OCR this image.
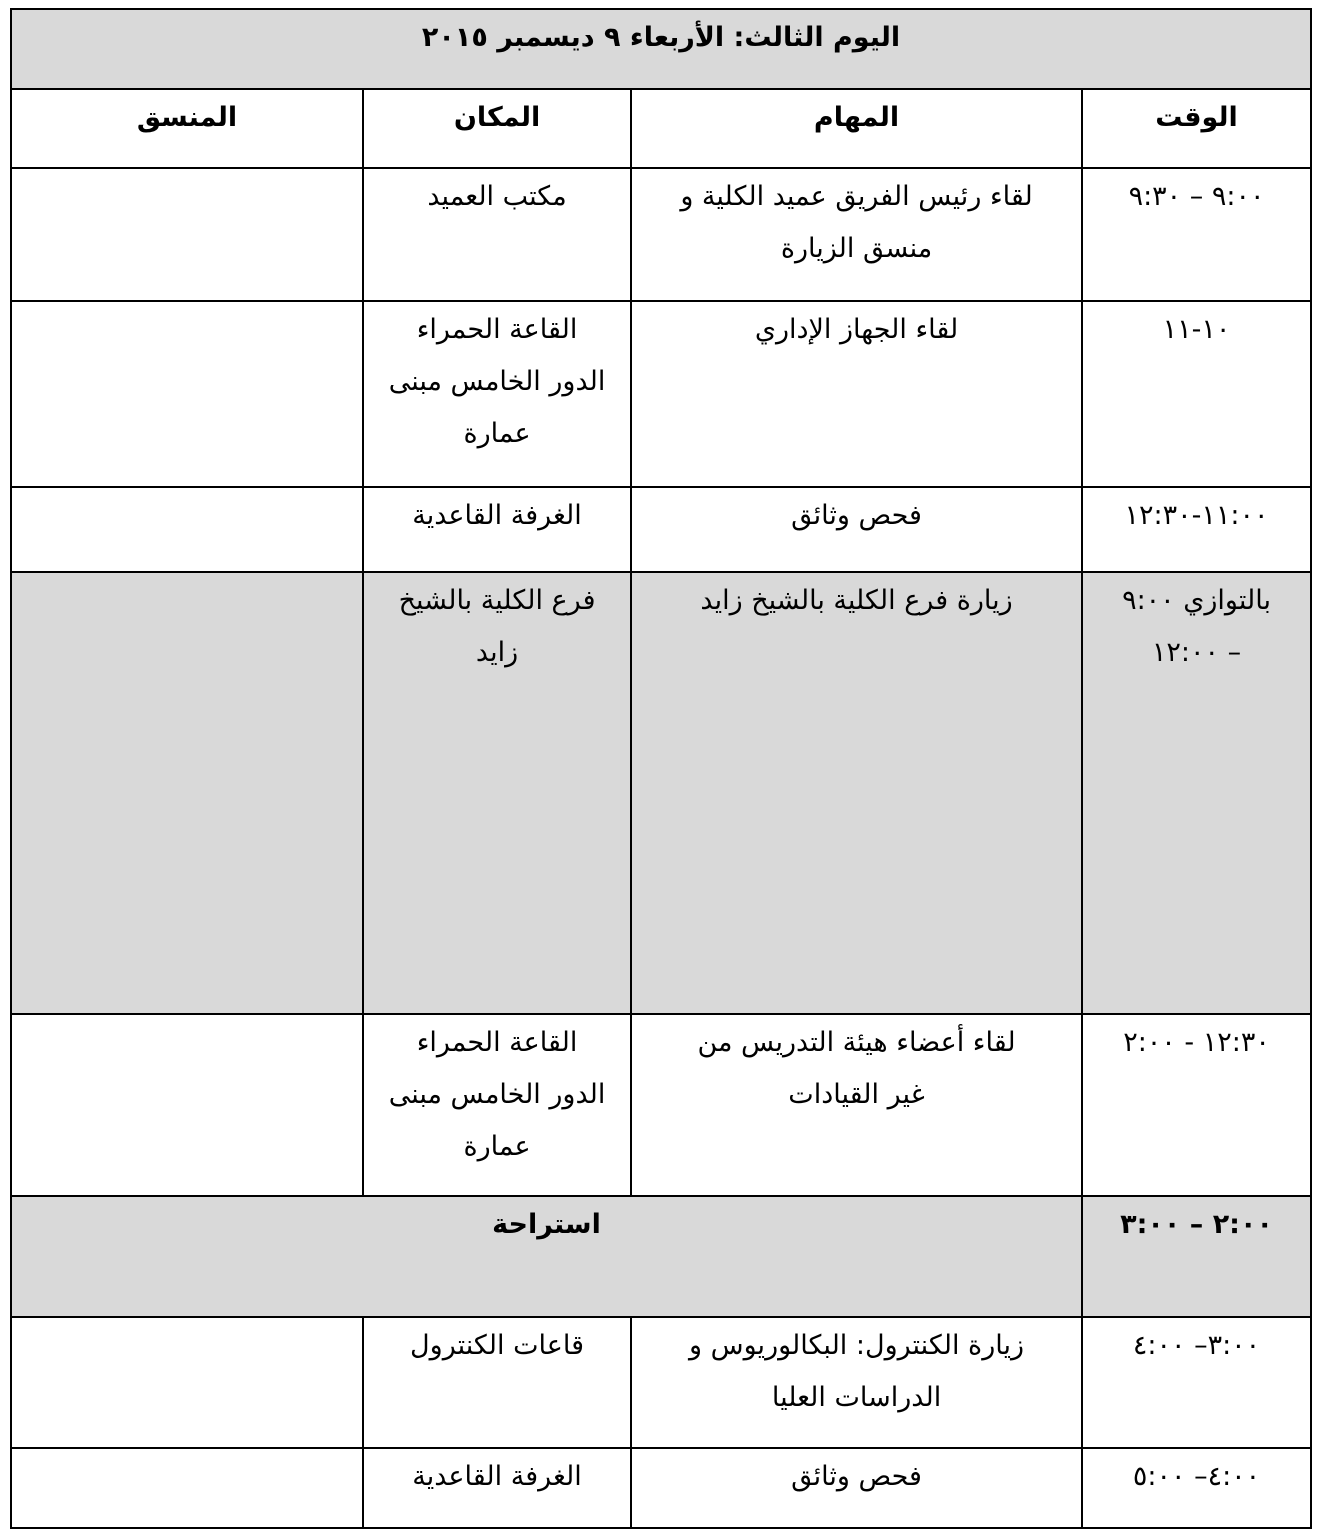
اليوم الثالث: الأربعاء ٩ ديسمبر ٢٠١٥			
الوقت	المهام	المكان	المنسق
٩:٠٠ – ٩:٣٠	لقاء رئيس الفريق عميد الكلية و
منسق الزيارة	مكتب العميد	

١٠-١١	لقاء الجهاز الإداري	القاعة الحمراء
الدور الخامس مبنى
عمارة	

١١:٠٠-١٢:٣٠	فحص وثائق	الغرفة القاعدية	

بالتوازي ٩:٠٠
– ١٢:٠٠	زيارة فرع الكلية بالشيخ زايد	فرع الكلية بالشيخ
زايد	

١٢:٣٠ - ٢:٠٠	لقاء أعضاء هيئة التدريس من
غير القيادات	القاعة الحمراء
الدور الخامس مبنى
عمارة	

٢:٠٠ – ٣:٠٠	استراحة		
٣:٠٠– ٤:٠٠	زيارة الكنترول: البكالوريوس و
الدراسات العليا	قاعات الكنترول	

٤:٠٠– ٥:٠٠	فحص وثائق	الغرفة القاعدية	
